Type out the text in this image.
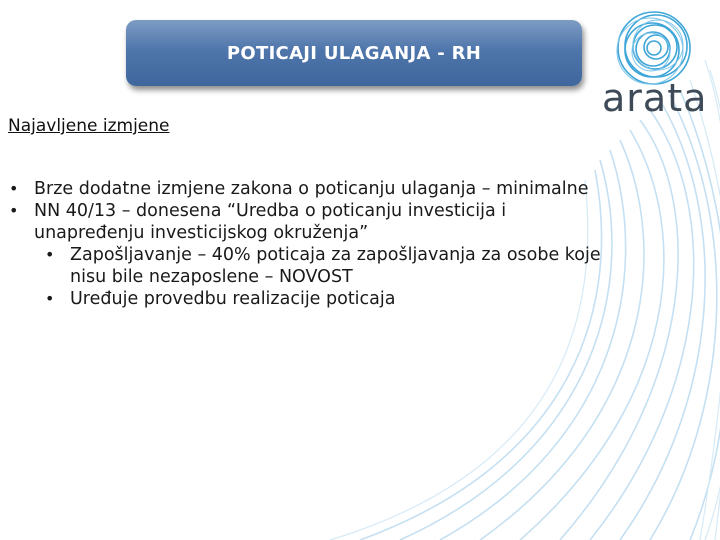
POTICAJI ULAGANJA - RH
arata
Najavljene izmjene
• Brze dodatne izmjene zakona o poticanju ulaganja – minimalne
• NN 40/13 – donesena “Uredba o poticanju investicija i
unapređenju investicijskog okruženja”
• Zapošljavanje – 40% poticaja za zapošljavanja za osobe koje
nisu bile nezaposlene – NOVOST
• Uređuje provedbu realizacije poticaja
